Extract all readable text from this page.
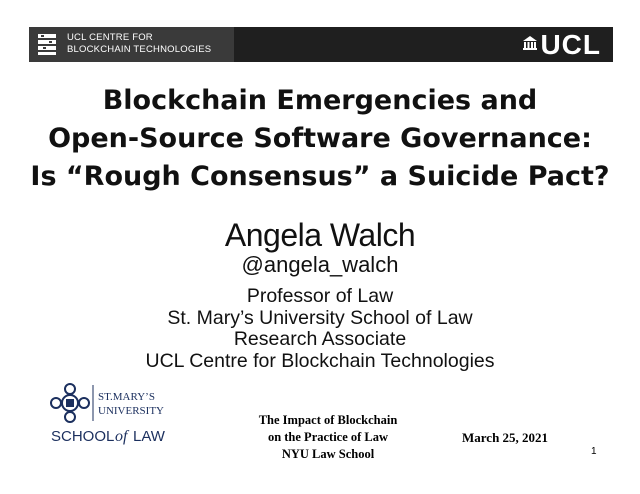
UCL CENTRE FOR
BLOCKCHAIN TECHNOLOGIES	UCL
Blockchain Emergencies and
Open-Source Software Governance:
Is “Rough Consensus” a Suicide Pact?
Angela Walch
@angela_walch
Professor of Law
St. Mary’s University School of Law
Research Associate
UCL Centre for Blockchain Technologies
ST.MARY’S
UNIVERSITY
SCHOOL of LAW
The Impact of Blockchain
on the Practice of Law
NYU Law School
March 25, 2021
1
